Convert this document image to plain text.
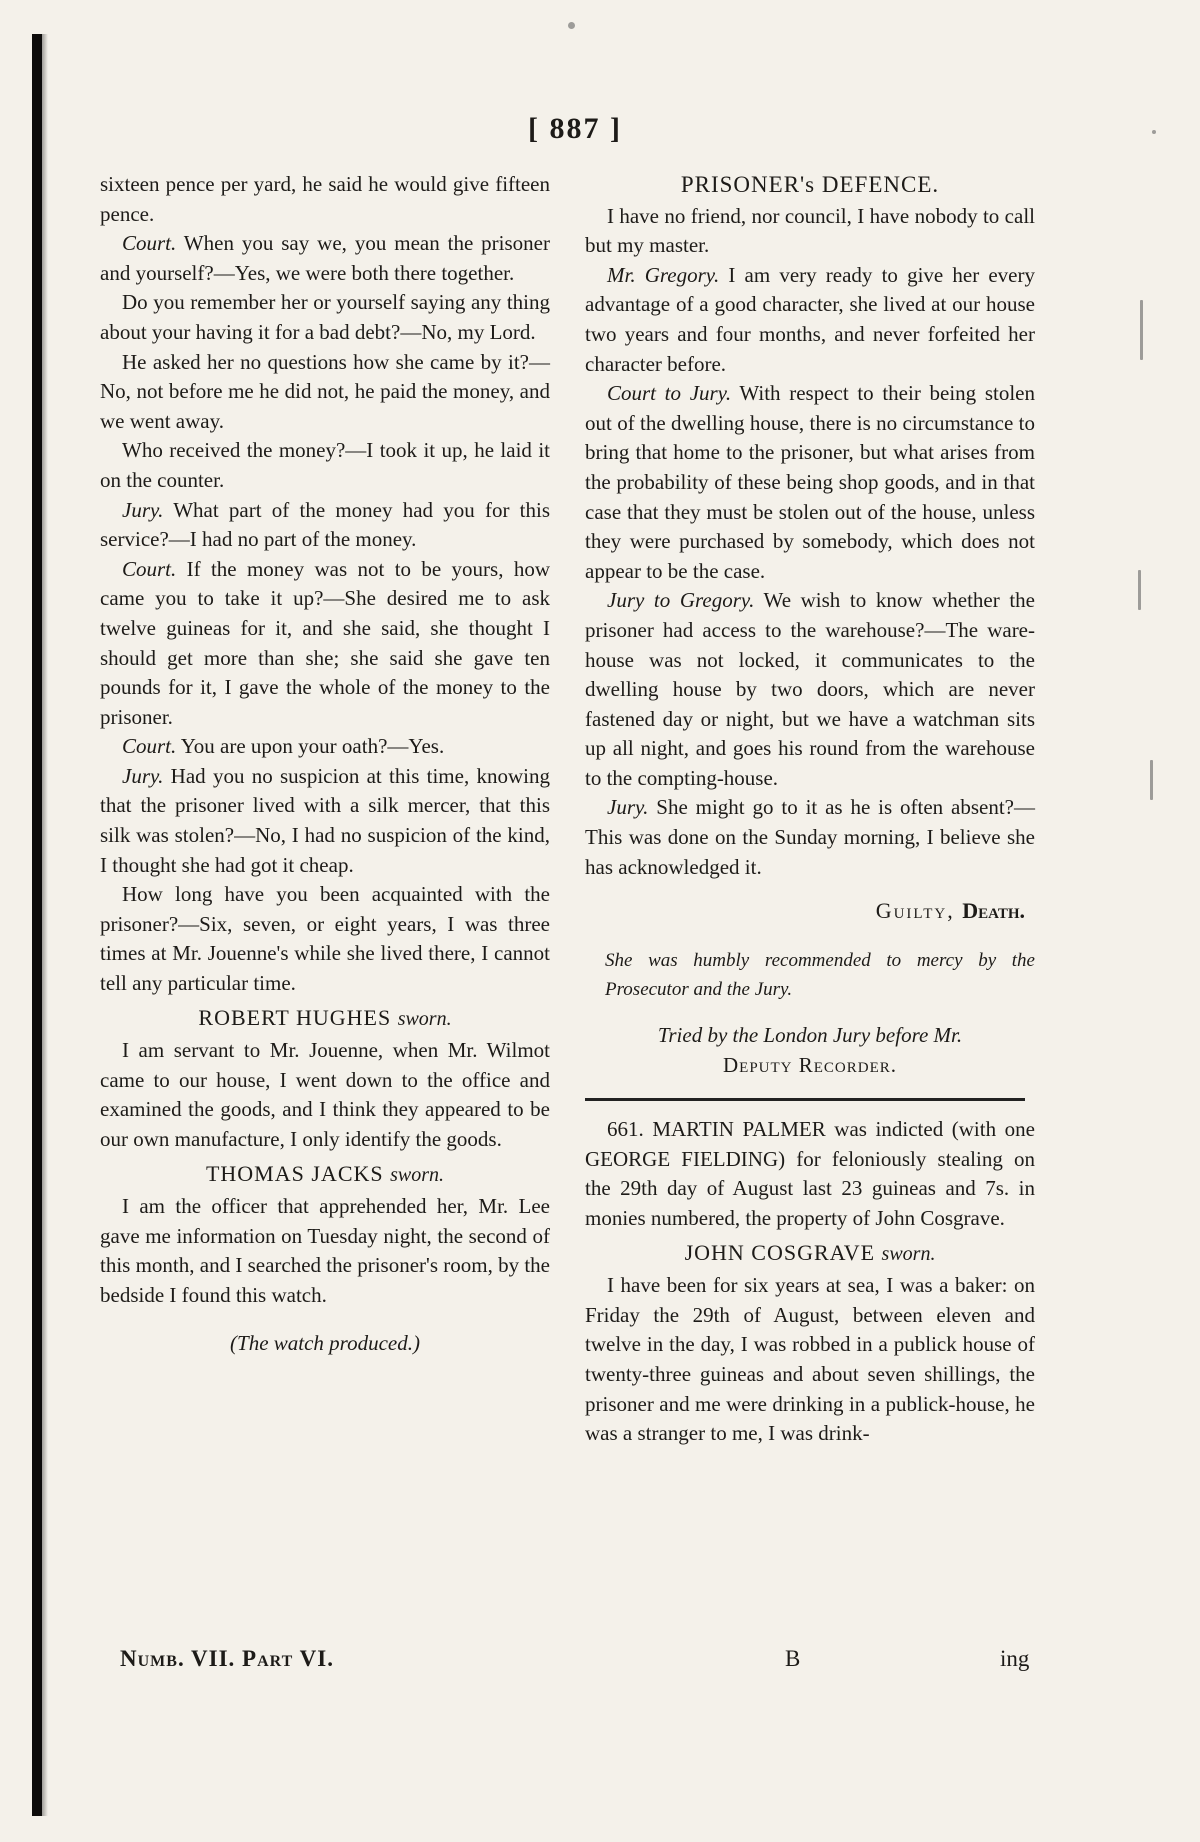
[ 887 ]

sixteen pence per yard, he said he would give fifteen pence.

Court. When you say we, you mean the prisoner and yourself?—Yes, we were both there together.

Do you remember her or yourself saying any thing about your having it for a bad debt?—No, my Lord.

He asked her no questions how she came by it?—No, not before me he did not, he paid the money, and we went away.

Who received the money?—I took it up, he laid it on the counter.

Jury. What part of the money had you for this service?—I had no part of the money.

Court. If the money was not to be yours, how came you to take it up?—She desired me to ask twelve guineas for it, and she said, she thought I should get more than she; she said she gave ten pounds for it, I gave the whole of the money to the prisoner.

Court. You are upon your oath?—Yes.

Jury. Had you no suspicion at this time, knowing that the prisoner lived with a silk mercer, that this silk was stolen?—No, I had no suspicion of the kind, I thought she had got it cheap.

How long have you been acquainted with the prisoner?—Six, seven, or eight years, I was three times at Mr. Jouenne's while she lived there, I cannot tell any particular time.

ROBERT HUGHES sworn.

I am servant to Mr. Jouenne, when Mr. Wilmot came to our house, I went down to the office and examined the goods, and I think they appeared to be our own manufacture, I only identify the goods.

THOMAS JACKS sworn.

I am the officer that apprehended her, Mr. Lee gave me information on Tuesday night, the second of this month, and I searched the prisoner's room, by the bedside I found this watch.

(The watch produced.)

PRISONER's DEFENCE.

I have no friend, nor council, I have nobody to call but my master.

Mr. Gregory. I am very ready to give her every advantage of a good character, she lived at our house two years and four months, and never forfeited her character before.

Court to Jury. With respect to their being stolen out of the dwelling house, there is no circumstance to bring that home to the prisoner, but what arises from the probability of these being shop goods, and in that case that they must be stolen out of the house, unless they were purchased by somebody, which does not appear to be the case.

Jury to Gregory. We wish to know whether the prisoner had access to the warehouse?—The ware-house was not locked, it communicates to the dwelling house by two doors, which are never fastened day or night, but we have a watchman sits up all night, and goes his round from the warehouse to the compting-house.

Jury. She might go to it as he is often absent?—This was done on the Sunday morning, I believe she has acknowledged it.

Guilty, Death.

She was humbly recommended to mercy by the Prosecutor and the Jury.

Tried by the London Jury before Mr.

Deputy Recorder.

661. MARTIN PALMER was indicted (with one GEORGE FIELDING) for feloniously stealing on the 29th day of August last 23 guineas and 7s. in monies numbered, the property of John Cosgrave.

JOHN COSGRAVE sworn.

I have been for six years at sea, I was a baker: on Friday the 29th of August, between eleven and twelve in the day, I was robbed in a publick house of twenty-three guineas and about seven shillings, the prisoner and me were drinking in a publick-house, he was a stranger to me, I was drink-

Numb. VII. Part VI.	B	ing
